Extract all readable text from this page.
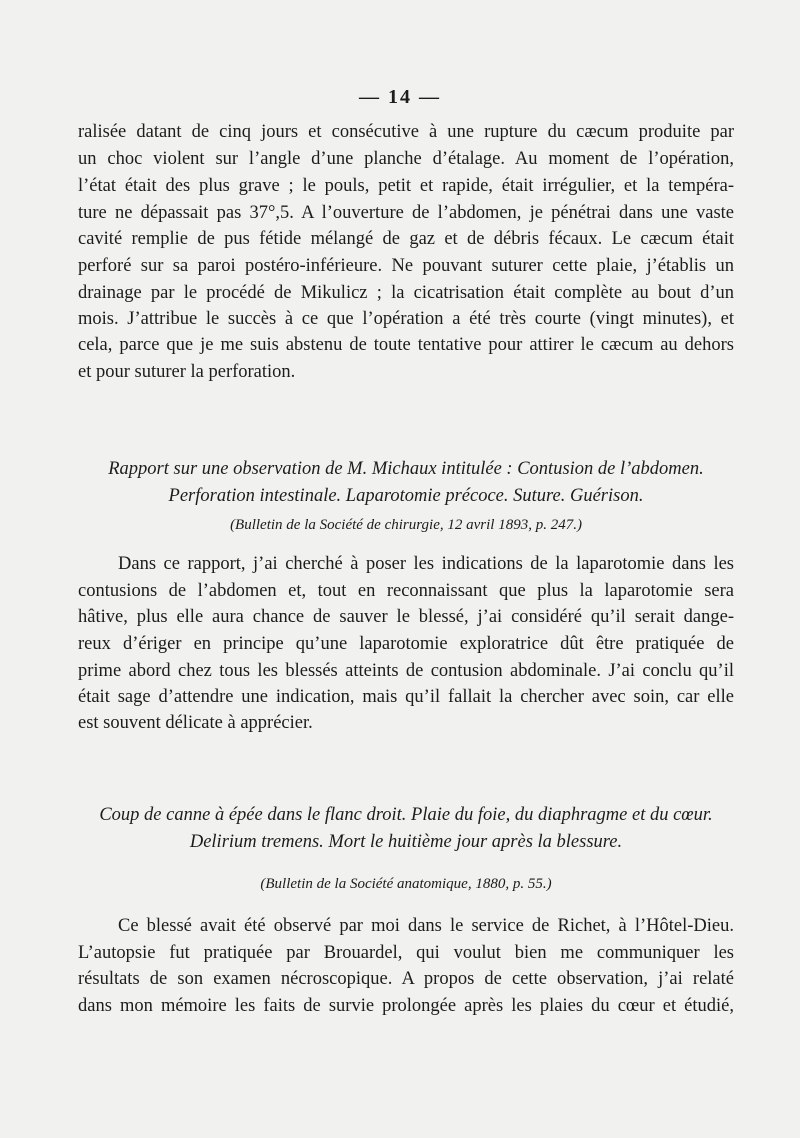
— 14 —
ralisée datant de cinq jours et consécutive à une rupture du cæcum produite par
un choc violent sur l’angle d’une planche d’étalage. Au moment de l’opération,
l’état était des plus grave ; le pouls, petit et rapide, était irrégulier, et la tempéra-
ture ne dépassait pas 37°,5. A l’ouverture de l’abdomen, je pénétrai dans une vaste
cavité remplie de pus fétide mélangé de gaz et de débris fécaux. Le cæcum était
perforé sur sa paroi postéro-inférieure. Ne pouvant suturer cette plaie, j’établis un
drainage par le procédé de Mikulicz ; la cicatrisation était complète au bout d’un
mois. J’attribue le succès à ce que l’opération a été très courte (vingt minutes), et
cela, parce que je me suis abstenu de toute tentative pour attirer le cæcum au dehors
et pour suturer la perforation.
Rapport sur une observation de M. Michaux intitulée : Contusion de l’abdomen.
Perforation intestinale. Laparotomie précoce. Suture. Guérison.
(Bulletin de la Société de chirurgie, 12 avril 1893, p. 247.)
Dans ce rapport, j’ai cherché à poser les indications de la laparotomie dans les
contusions de l’abdomen et, tout en reconnaissant que plus la laparotomie sera
hâtive, plus elle aura chance de sauver le blessé, j’ai considéré qu’il serait dange-
reux d’ériger en principe qu’une laparotomie exploratrice dût être pratiquée de
prime abord chez tous les blessés atteints de contusion abdominale. J’ai conclu qu’il
était sage d’attendre une indication, mais qu’il fallait la chercher avec soin, car elle
est souvent délicate à apprécier.
Coup de canne à épée dans le flanc droit. Plaie du foie, du diaphragme et du cœur.
Delirium tremens. Mort le huitième jour après la blessure.
(Bulletin de la Société anatomique, 1880, p. 55.)
Ce blessé avait été observé par moi dans le service de Richet, à l’Hôtel-Dieu.
L’autopsie fut pratiquée par Brouardel, qui voulut bien me communiquer les
résultats de son examen nécroscopique. A propos de cette observation, j’ai relaté
dans mon mémoire les faits de survie prolongée après les plaies du cœur et étudié,
